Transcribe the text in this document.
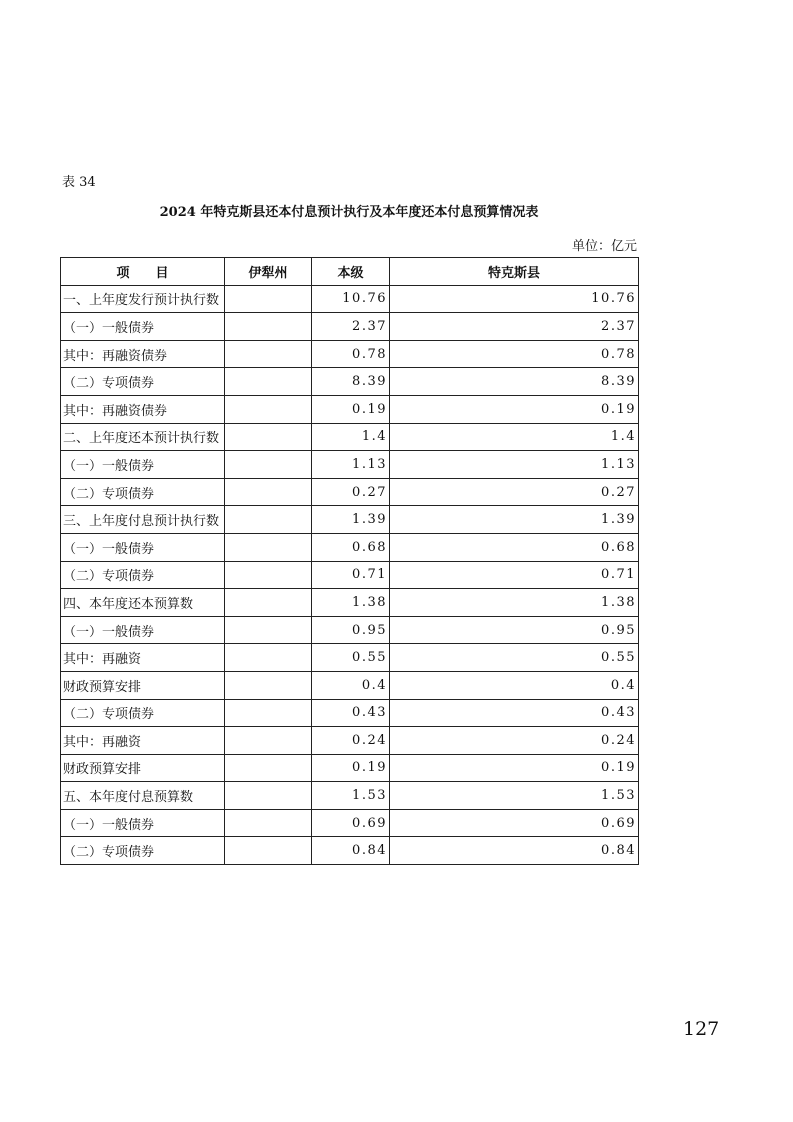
表 34
2024 年特克斯县还本付息预计执行及本年度还本付息预算情况表
单位：亿元
项　　目	伊犁州	本级	特克斯县
一、上年度发行预计执行数		10.76	10.76
（一）一般债券		2.37	2.37
其中：再融资债券		0.78	0.78
（二）专项债券		8.39	8.39
其中：再融资债券		0.19	0.19
二、上年度还本预计执行数		1.4	1.4
（一）一般债券		1.13	1.13
（二）专项债券		0.27	0.27
三、上年度付息预计执行数		1.39	1.39
（一）一般债券		0.68	0.68
（二）专项债券		0.71	0.71
四、本年度还本预算数		1.38	1.38
（一）一般债券		0.95	0.95
其中：再融资		0.55	0.55
财政预算安排		0.4	0.4
（二）专项债券		0.43	0.43
其中：再融资		0.24	0.24
财政预算安排		0.19	0.19
五、本年度付息预算数		1.53	1.53
（一）一般债券		0.69	0.69
（二）专项债券		0.84	0.84
127
